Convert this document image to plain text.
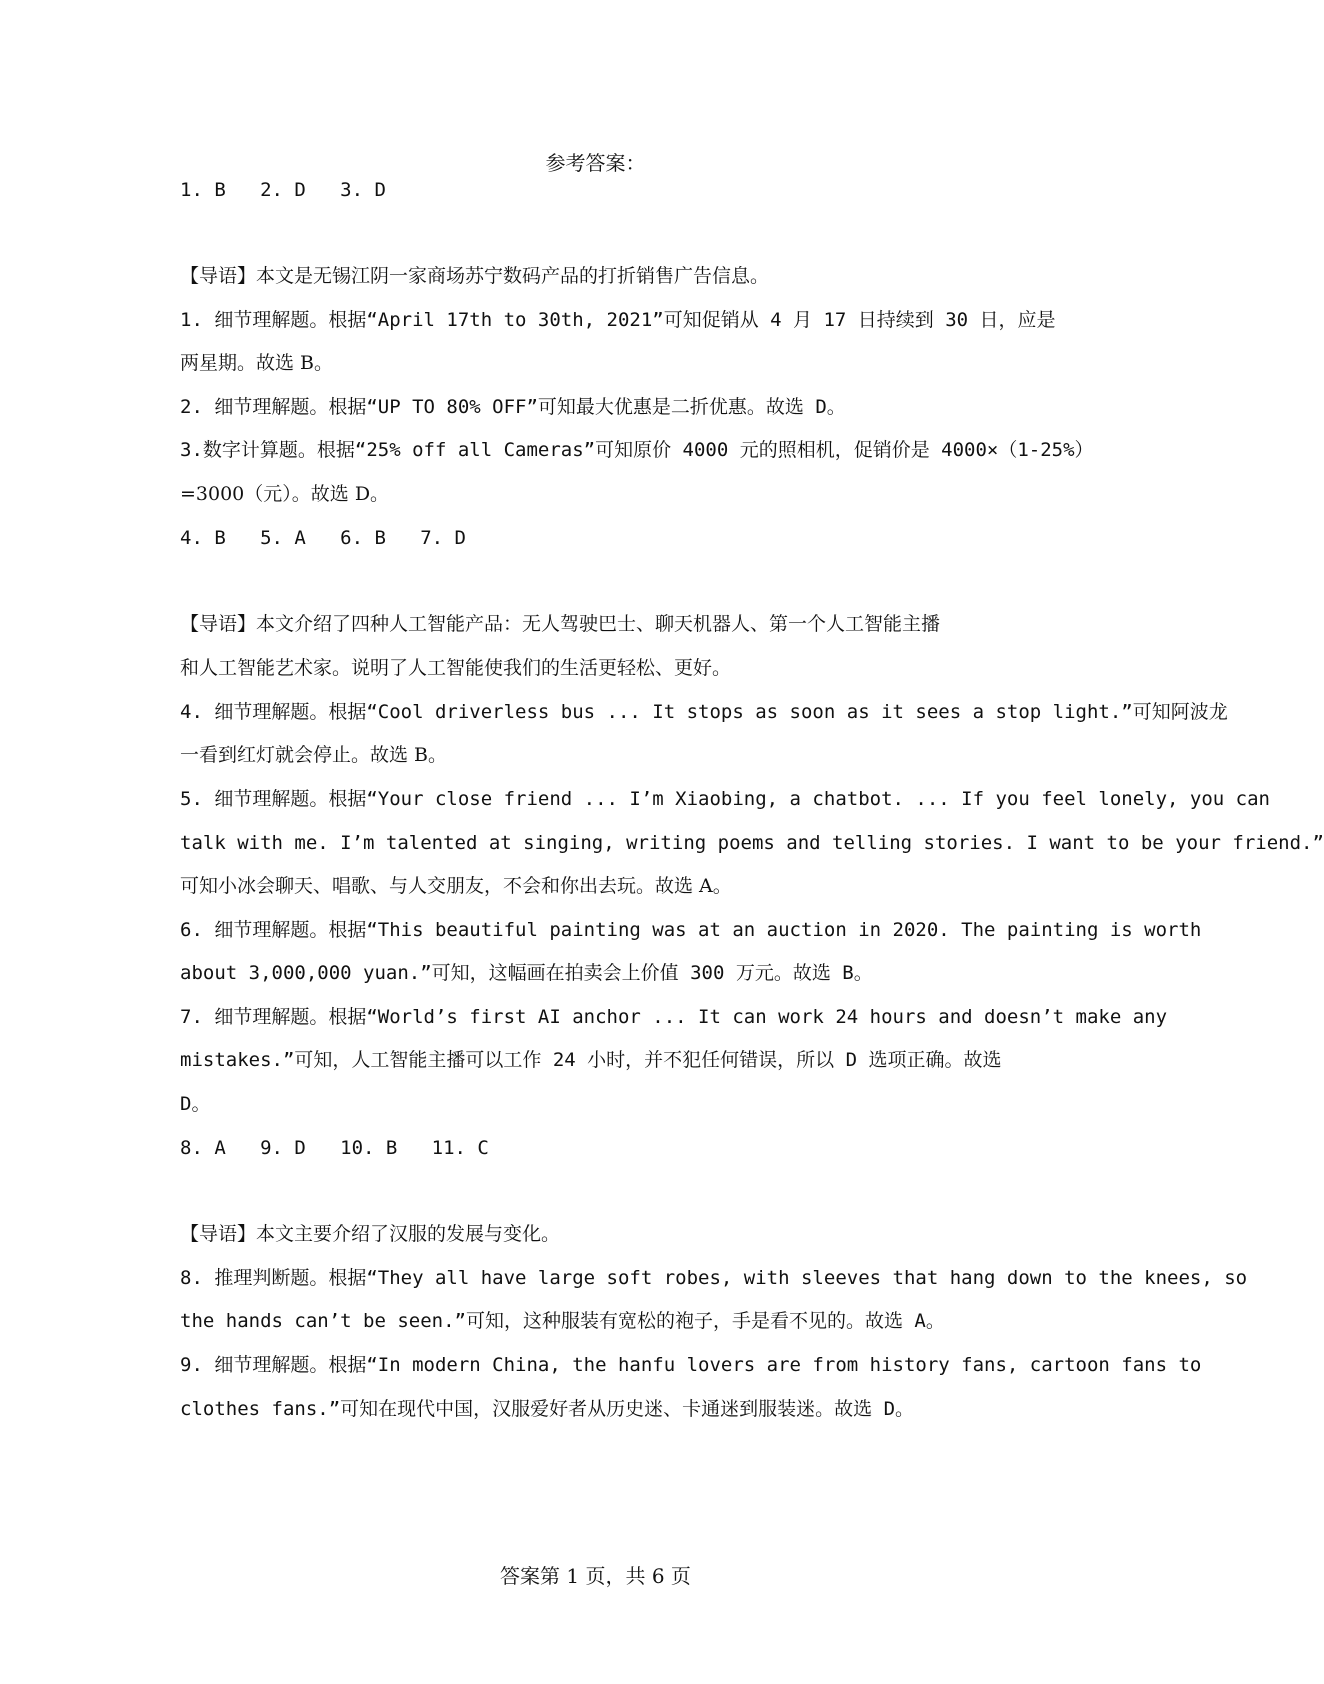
参考答案：
1. B   2. D   3. D
【导语】本文是无锡江阴一家商场苏宁数码产品的打折销售广告信息。
1. 细节理解题。根据“April 17th to 30th, 2021”可知促销从 4 月 17 日持续到 30 日，应是
两星期。故选 B。
2. 细节理解题。根据“UP TO 80% OFF”可知最大优惠是二折优惠。故选 D。
3.数字计算题。根据“25% off all Cameras”可知原价 4000 元的照相机，促销价是 4000×（1-25%）
=3000（元）。故选 D。
4. B   5. A   6. B   7. D
【导语】本文介绍了四种人工智能产品：无人驾驶巴士、聊天机器人、第一个人工智能主播
和人工智能艺术家。说明了人工智能使我们的生活更轻松、更好。
4. 细节理解题。根据“Cool driverless bus ... It stops as soon as it sees a stop light.”可知阿波龙
一看到红灯就会停止。故选 B。
5. 细节理解题。根据“Your close friend ... I’m Xiaobing, a chatbot. ... If you feel lonely, you can
talk with me. I’m talented at singing, writing poems and telling stories. I want to be your friend.”
可知小冰会聊天、唱歌、与人交朋友，不会和你出去玩。故选 A。
6. 细节理解题。根据“This beautiful painting was at an auction in 2020. The painting is worth
about 3,000,000 yuan.”可知，这幅画在拍卖会上价值 300 万元。故选 B。
7. 细节理解题。根据“World’s first AI anchor ... It can work 24 hours and doesn’t make any
mistakes.”可知，人工智能主播可以工作 24 小时，并不犯任何错误，所以 D 选项正确。故选
D。
8. A   9. D   10. B   11. C
【导语】本文主要介绍了汉服的发展与变化。
8. 推理判断题。根据“They all have large soft robes, with sleeves that hang down to the knees, so
the hands can’t be seen.”可知，这种服装有宽松的袍子，手是看不见的。故选 A。
9. 细节理解题。根据“In modern China, the hanfu lovers are from history fans, cartoon fans to
clothes fans.”可知在现代中国，汉服爱好者从历史迷、卡通迷到服装迷。故选 D。
答案第 1 页，共 6 页
